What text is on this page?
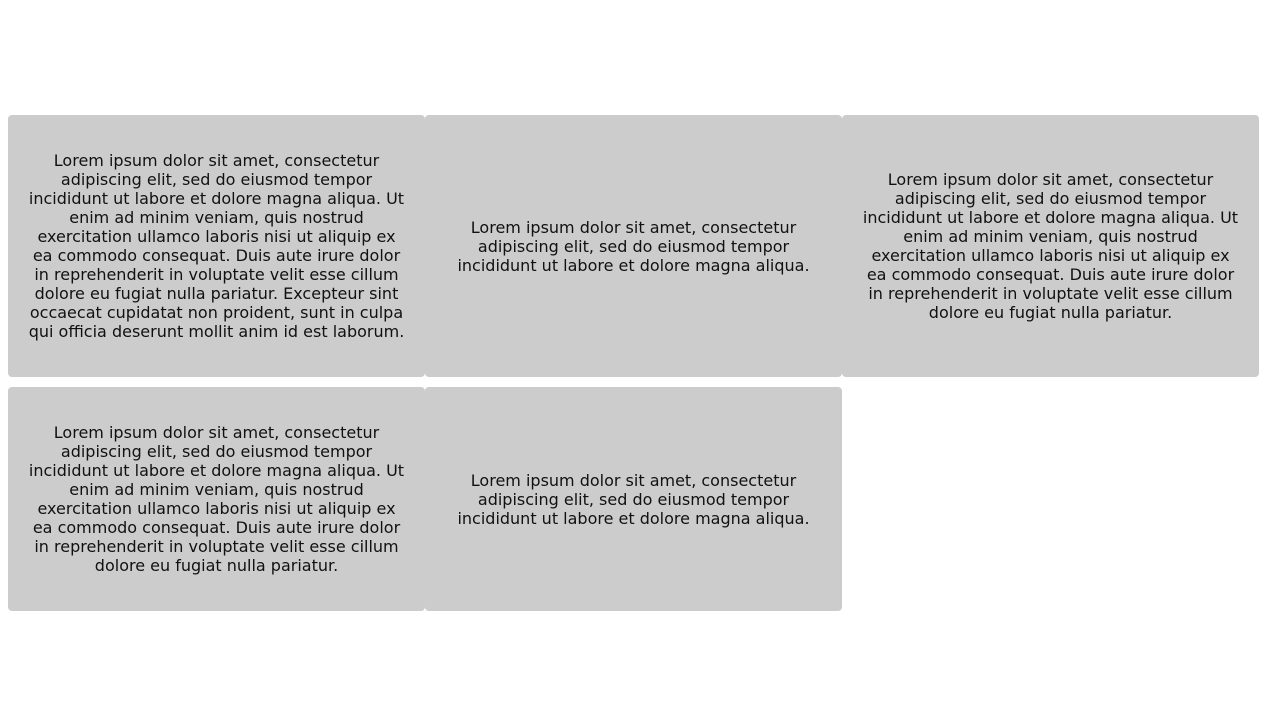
Lorem ipsum dolor sit amet, consectetur adipiscing elit, sed do eiusmod tempor incididunt ut labore et dolore magna aliqua. Ut enim ad minim veniam, quis nostrud exercitation ullamco laboris nisi ut aliquip ex ea commodo consequat. Duis aute irure dolor in reprehenderit in voluptate velit esse cillum dolore eu fugiat nulla pariatur. Excepteur sint occaecat cupidatat non proident, sunt in culpa qui officia deserunt mollit anim id est laborum.
Lorem ipsum dolor sit amet, consectetur adipiscing elit, sed do eiusmod tempor incididunt ut labore et dolore magna aliqua.
Lorem ipsum dolor sit amet, consectetur adipiscing elit, sed do eiusmod tempor incididunt ut labore et dolore magna aliqua. Ut enim ad minim veniam, quis nostrud exercitation ullamco laboris nisi ut aliquip ex ea commodo consequat. Duis aute irure dolor in reprehenderit in voluptate velit esse cillum dolore eu fugiat nulla pariatur.
Lorem ipsum dolor sit amet, consectetur adipiscing elit, sed do eiusmod tempor incididunt ut labore et dolore magna aliqua. Ut enim ad minim veniam, quis nostrud exercitation ullamco laboris nisi ut aliquip ex ea commodo consequat. Duis aute irure dolor in reprehenderit in voluptate velit esse cillum dolore eu fugiat nulla pariatur.
Lorem ipsum dolor sit amet, consectetur adipiscing elit, sed do eiusmod tempor incididunt ut labore et dolore magna aliqua.
